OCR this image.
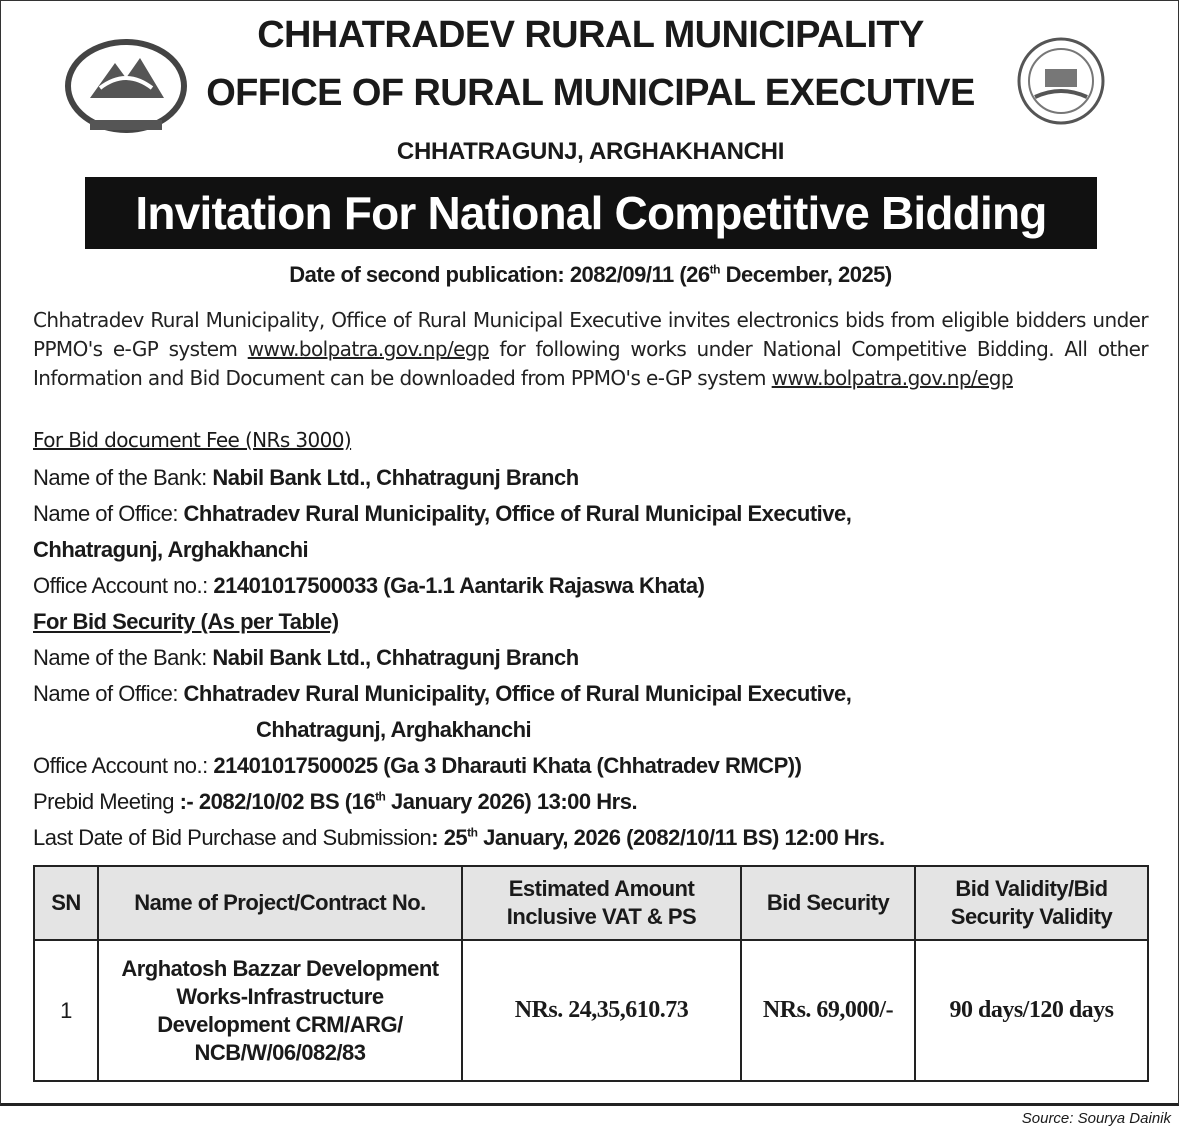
CHHATRADEV RURAL MUNICIPALITY
OFFICE OF RURAL MUNICIPAL EXECUTIVE
CHHATRAGUNJ, ARGHAKHANCHI
Invitation For National Competitive Bidding
Date of second publication: 2082/09/11 (26th December, 2025)
Chhatradev Rural Municipality, Office of Rural Municipal Executive invites electronics bids from eligible bidders under PPMO's e-GP system www.bolpatra.gov.np/egp for following works under National Competitive Bidding. All other Information and Bid Document can be downloaded from PPMO's e-GP system www.bolpatra.gov.np/egp
For Bid document Fee (NRs 3000)
Name of the Bank: Nabil Bank Ltd., Chhatragunj Branch
Name of Office: Chhatradev Rural Municipality, Office of Rural Municipal Executive,
Chhatragunj, Arghakhanchi
Office Account no.: 21401017500033 (Ga-1.1 Aantarik Rajaswa Khata)
For Bid Security (As per Table)
Name of the Bank: Nabil Bank Ltd., Chhatragunj Branch
Name of Office: Chhatradev Rural Municipality, Office of Rural Municipal Executive,
Chhatragunj, Arghakhanchi
Office Account no.: 21401017500025 (Ga 3 Dharauti Khata (Chhatradev RMCP))
Prebid Meeting :- 2082/10/02 BS (16th January 2026) 13:00 Hrs.
Last Date of Bid Purchase and Submission: 25th January, 2026 (2082/10/11 BS) 12:00 Hrs.
SN	Name of Project/Contract No.	Estimated Amount Inclusive VAT & PS	Bid Security	Bid Validity/Bid Security Validity
1	Arghatosh Bazzar Development Works-Infrastructure Development CRM/ARG/ NCB/W/06/082/83	NRs. 24,35,610.73	NRs. 69,000/-	90 days/120 days
Source: Sourya Dainik
